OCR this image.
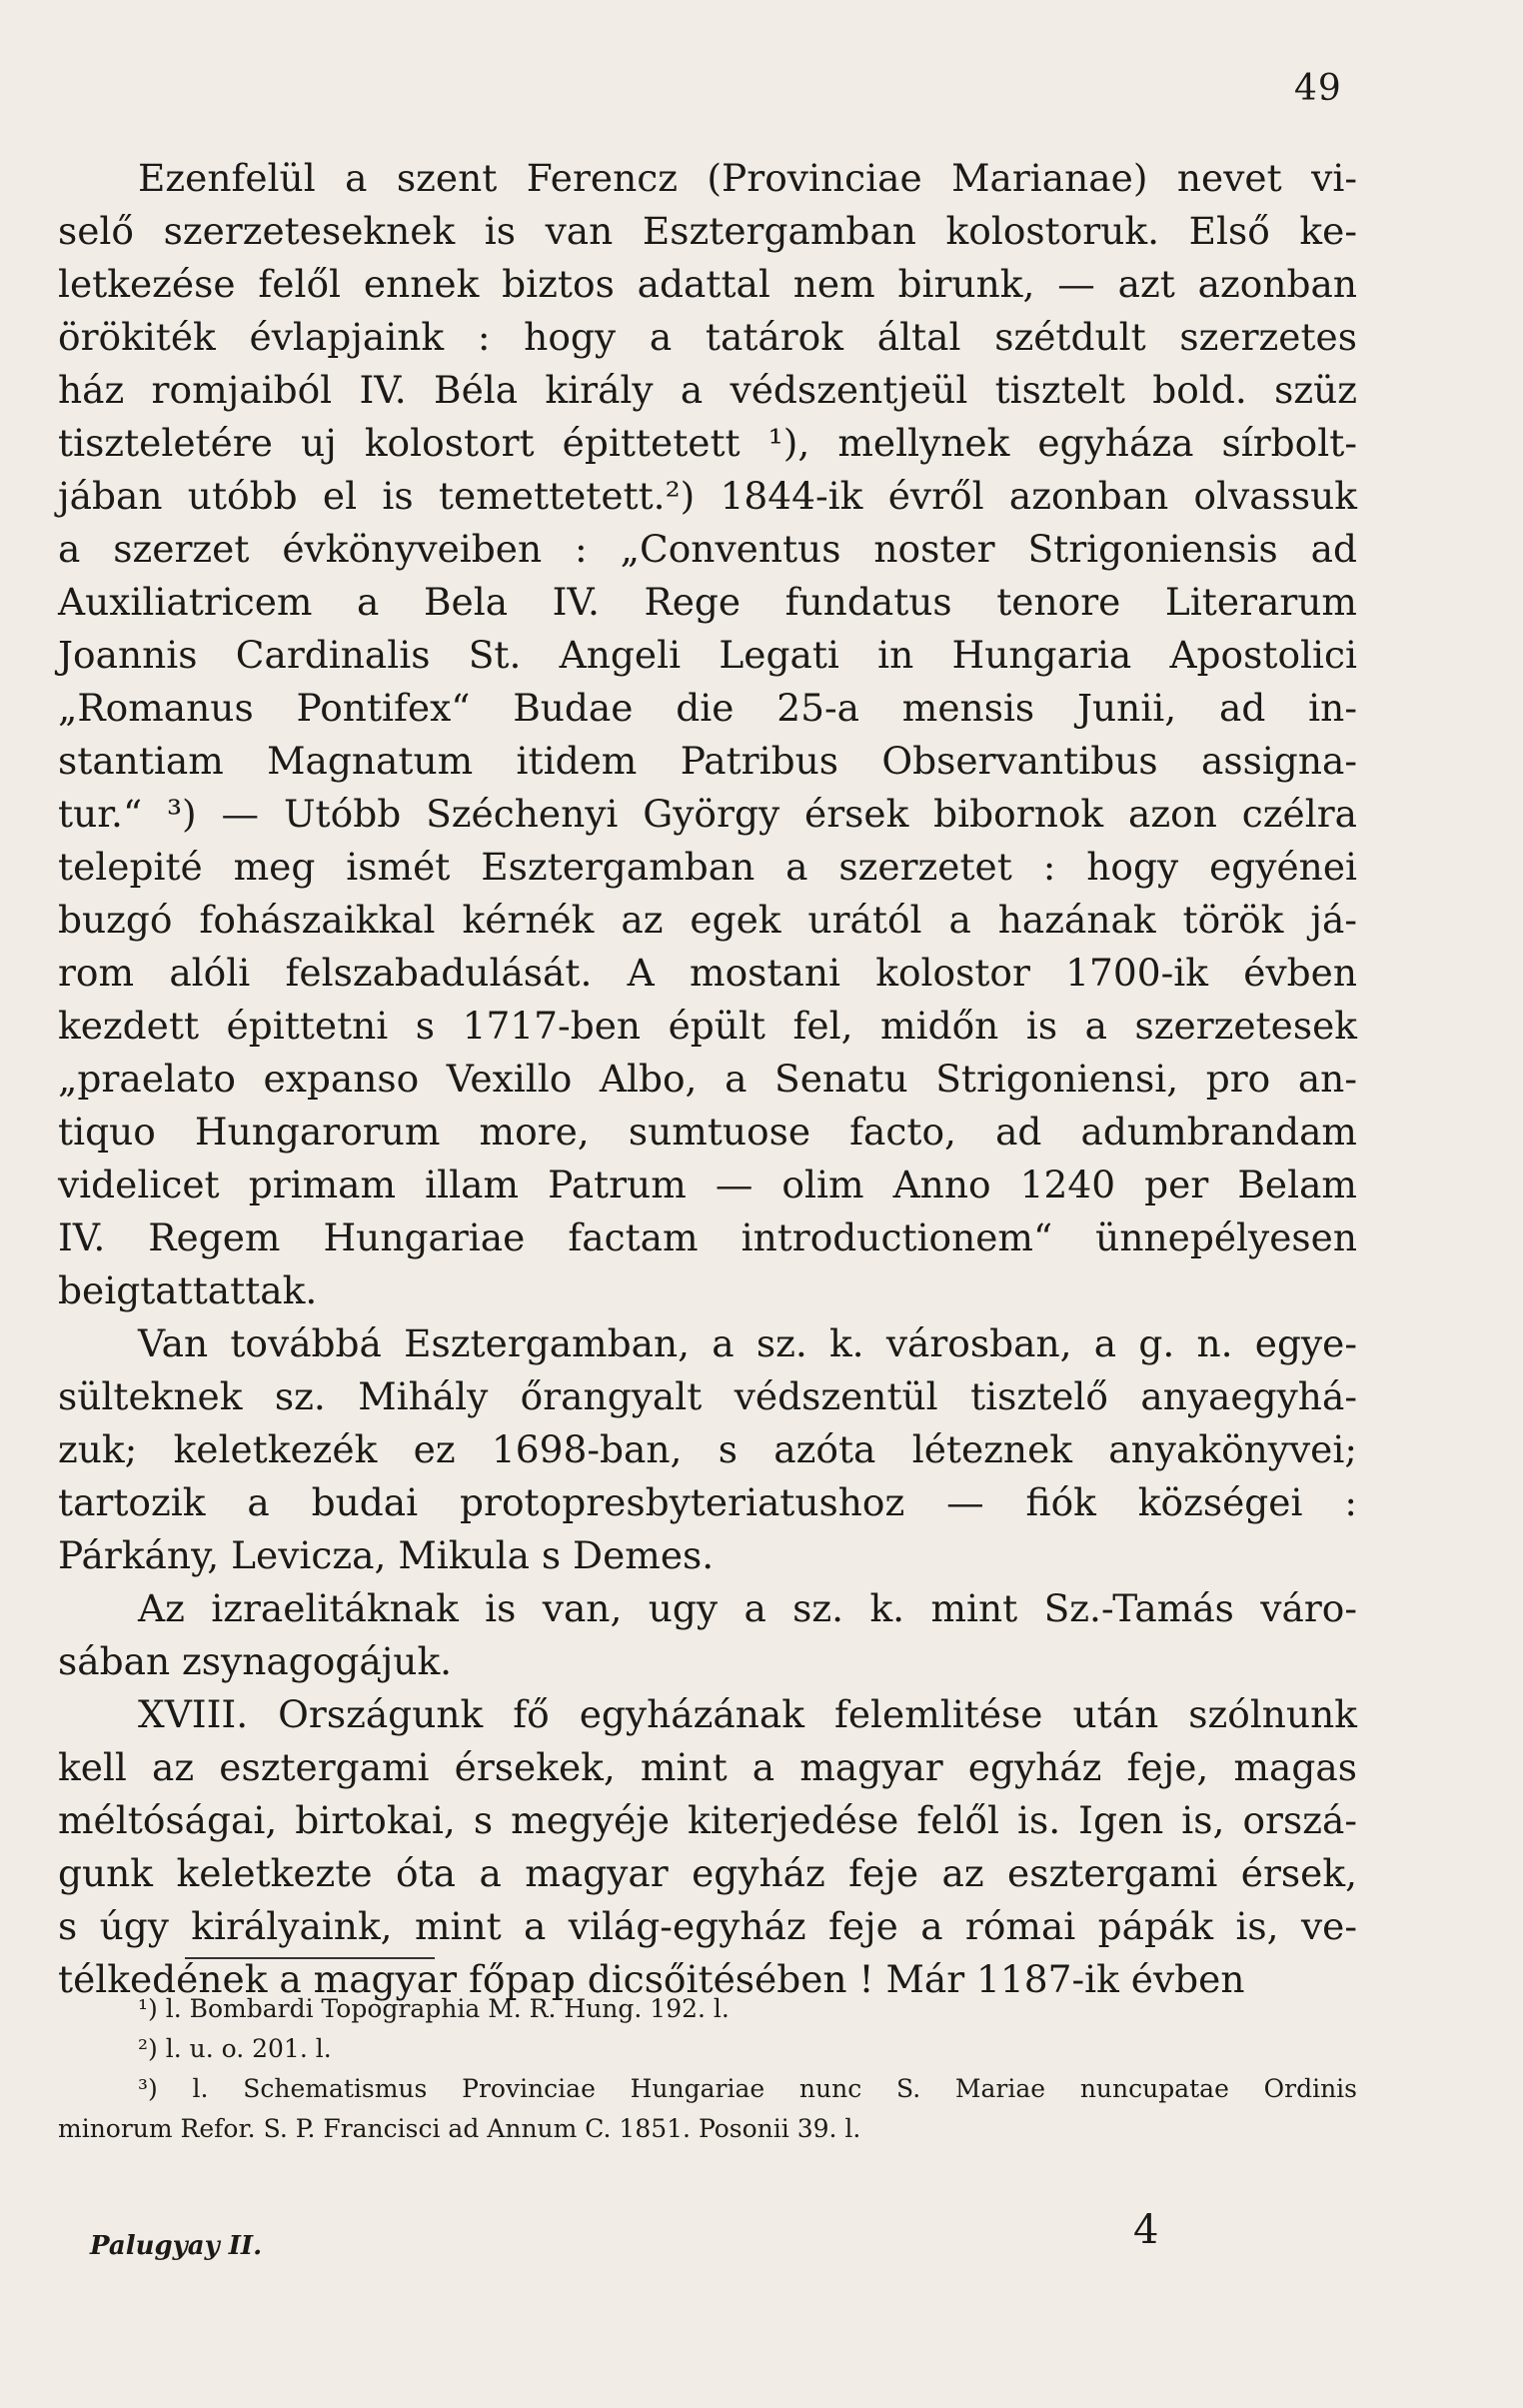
49
Ezenfelül a szent Ferencz (Provinciae Marianae) nevet vi-
selő szerzeteseknek is van Esztergamban kolostoruk. Első ke-
letkezése felől ennek biztos adattal nem birunk, — azt azonban
örökiték évlapjaink : hogy a tatárok által szétdult szerzetes
ház romjaiból IV. Béla király a védszentjeül tisztelt bold. szüz
tiszteletére uj kolostort épittetett ¹), mellynek egyháza sírbolt-
jában utóbb el is temettetett.²) 1844-ik évről azonban olvassuk
a szerzet évkönyveiben : „Conventus noster Strigoniensis ad
Auxiliatricem a Bela IV. Rege fundatus tenore Literarum
Joannis Cardinalis St. Angeli Legati in Hungaria Apostolici
„Romanus Pontifex“ Budae die 25-a mensis Junii, ad in-
stantiam Magnatum itidem Patribus Observantibus assigna-
tur.“ ³) — Utóbb Széchenyi György érsek bibornok azon czélra
telepité meg ismét Esztergamban a szerzetet : hogy egyénei
buzgó fohászaikkal kérnék az egek urától a hazának török já-
rom alóli felszabadulását. A mostani kolostor 1700-ik évben
kezdett épittetni s 1717-ben épült fel, midőn is a szerzetesek
„praelato expanso Vexillo Albo, a Senatu Strigoniensi, pro an-
tiquo Hungarorum more, sumtuose facto, ad adumbrandam
videlicet primam illam Patrum — olim Anno 1240 per Belam
IV. Regem Hungariae factam introductionem“ ünnepélyesen
beigtattattak.
Van továbbá Esztergamban, a sz. k. városban, a g. n. egye-
sülteknek sz. Mihály őrangyalt védszentül tisztelő anyaegyhá-
zuk; keletkezék ez 1698-ban, s azóta léteznek anyakönyvei;
tartozik a budai protopresbyteriatushoz — fiók községei :
Párkány, Levicza, Mikula s Demes.
Az izraelitáknak is van, ugy a sz. k. mint Sz.-Tamás váro-
sában zsynagogájuk.
XVIII. Országunk fő egyházának felemlitése után szólnunk
kell az esztergami érsekek, mint a magyar egyház feje, magas
méltóságai, birtokai, s megyéje kiterjedése felől is. Igen is, orszá-
gunk keletkezte óta a magyar egyház feje az esztergami érsek,
s úgy királyaink, mint a világ-egyház feje a római pápák is, ve-
télkedének a magyar főpap dicsőitésében ! Már 1187-ik évben
¹) l. Bombardi Topographia M. R. Hung. 192. l.
²) l. u. o. 201. l.
³) l. Schematismus Provinciae Hungariae nunc S. Mariae nuncupatae Ordinis
minorum Refor. S. P. Francisci ad Annum C. 1851. Posonii 39. l.
Palugyay II.	4
